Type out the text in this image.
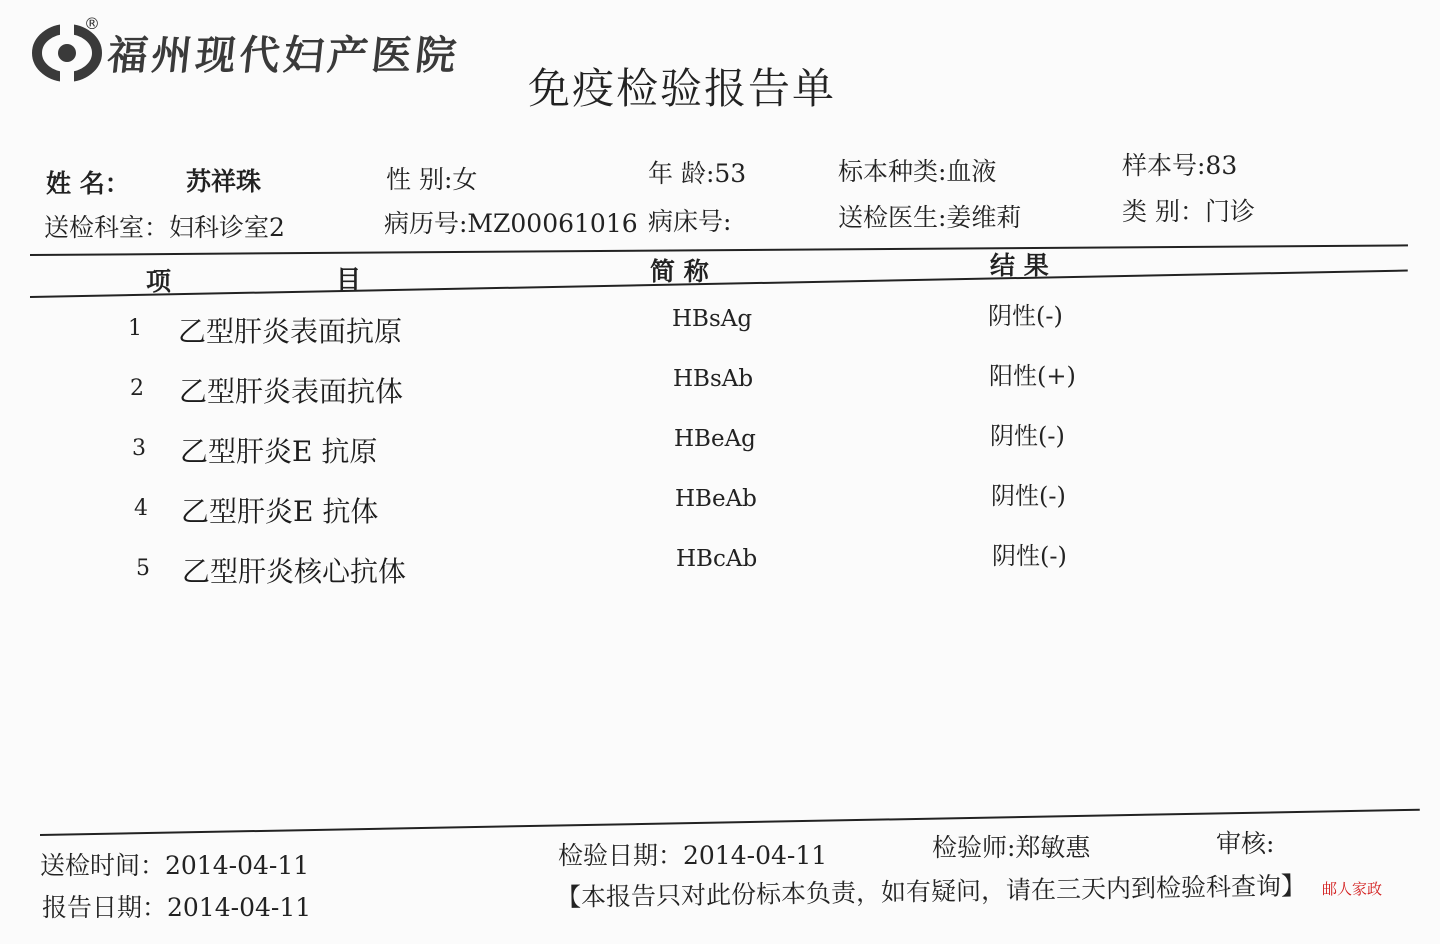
®
福州现代妇产医院
免疫检验报告单
姓 名： 苏祥珠	性 别:女	年 龄:53	标本种类:血液	样本号:83
送检科室：妇科诊室2	病历号:MZ00061016 病床号:	送检医生:姜维莉	类 别：门诊
项	目	简 称	结 果
1 乙型肝炎表面抗原	HBsAg	阴性(-)
2 乙型肝炎表面抗体	HBsAb	阳性(+)
3 乙型肝炎E 抗原	HBeAg	阴性(-)
4 乙型肝炎E 抗体	HBeAb	阴性(-)
5 乙型肝炎核心抗体	HBcAb	阴性(-)
送检时间：2014-04-11
报告日期：2014-04-11
检验日期：2014-04-11	检验师:郑敏惠	审核:
【本报告只对此份标本负责，如有疑问，请在三天内到检验科查询】 邮人家政
